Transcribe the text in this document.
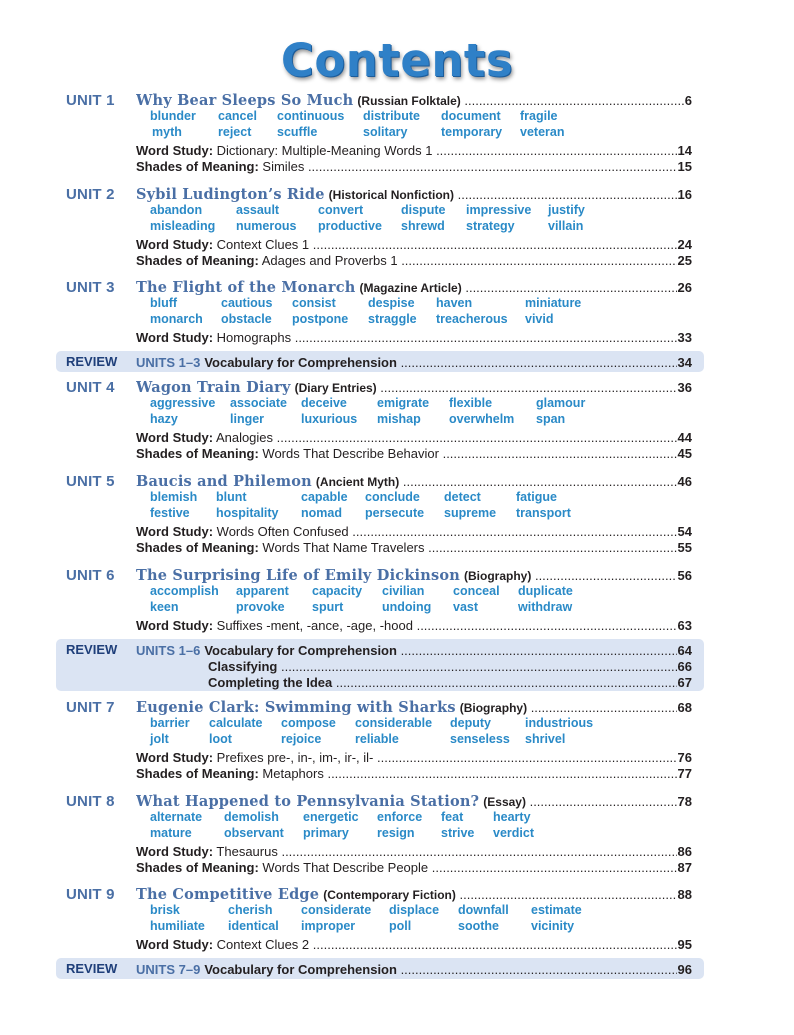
Contents
UNIT 1	Why Bear Sleeps So Much (Russian Folktale) .....	6
blunder cancel continuous distribute document fragile
myth	reject scuffle	solitary	temporary veteran
Word Study: Dictionary: Multiple-Meaning Words 1 .....	14
Shades of Meaning: Similes .....	15
UNIT 2	Sybil Ludington’s Ride (Historical Nonfiction) .....	16
abandon	assault	convert	dispute impressive justify
misleading numerous productive shrewd strategy	villain
Word Study: Context Clues 1 .....	24
Shades of Meaning: Adages and Proverbs 1 .....	25
UNIT 3	The Flight of the Monarch (Magazine Article) .....	26
bluff	cautious consist	despise haven	miniature
monarch obstacle postpone straggle treacherous vivid
Word Study: Homographs .....	33
REVIEW UNITS 1–3 Vocabulary for Comprehension .....	34
UNIT 4	Wagon Train Diary (Diary Entries) .....	36
aggressive associate deceive emigrate flexible	glamour
hazy	linger	luxurious mishap overwhelm span
Word Study: Analogies .....	44
Shades of Meaning: Words That Describe Behavior .....	45
UNIT 5	Baucis and Philemon (Ancient Myth) .....	46
blemish blunt	capable conclude detect	fatigue
festive hospitality nomad persecute supreme transport
Word Study: Words Often Confused .....	54
Shades of Meaning: Words That Name Travelers .....	55
UNIT 6	The Surprising Life of Emily Dickinson (Biography) .....	56
accomplish apparent capacity civilian conceal duplicate
keen	provoke spurt	undoing vast	withdraw
Word Study: Suffixes -ment, -ance, -age, -hood .....	63
REVIEW UNITS 1–6 Vocabulary for Comprehension .....	64
Classifying .....	66
Completing the Idea .....	67
UNIT 7	Eugenie Clark: Swimming with Sharks (Biography) .....	68
barrier calculate compose considerable deputy	industrious
jolt	loot	rejoice	reliable	senseless shrivel
Word Study: Prefixes pre-, in-, im-, ir-, il- .....	76
Shades of Meaning: Metaphors .....	77
UNIT 8	What Happened to Pennsylvania Station? (Essay) .....	78
alternate demolish energetic enforce feat hearty
mature	observant primary resign strive verdict
Word Study: Thesaurus .....	86
Shades of Meaning: Words That Describe People .....	87
UNIT 9	The Competitive Edge (Contemporary Fiction) .....	88
brisk	cherish considerate displace downfall estimate
humiliate identical improper	poll	soothe	vicinity
Word Study: Context Clues 2 .....	95
REVIEW UNITS 7–9 Vocabulary for Comprehension .....	96
